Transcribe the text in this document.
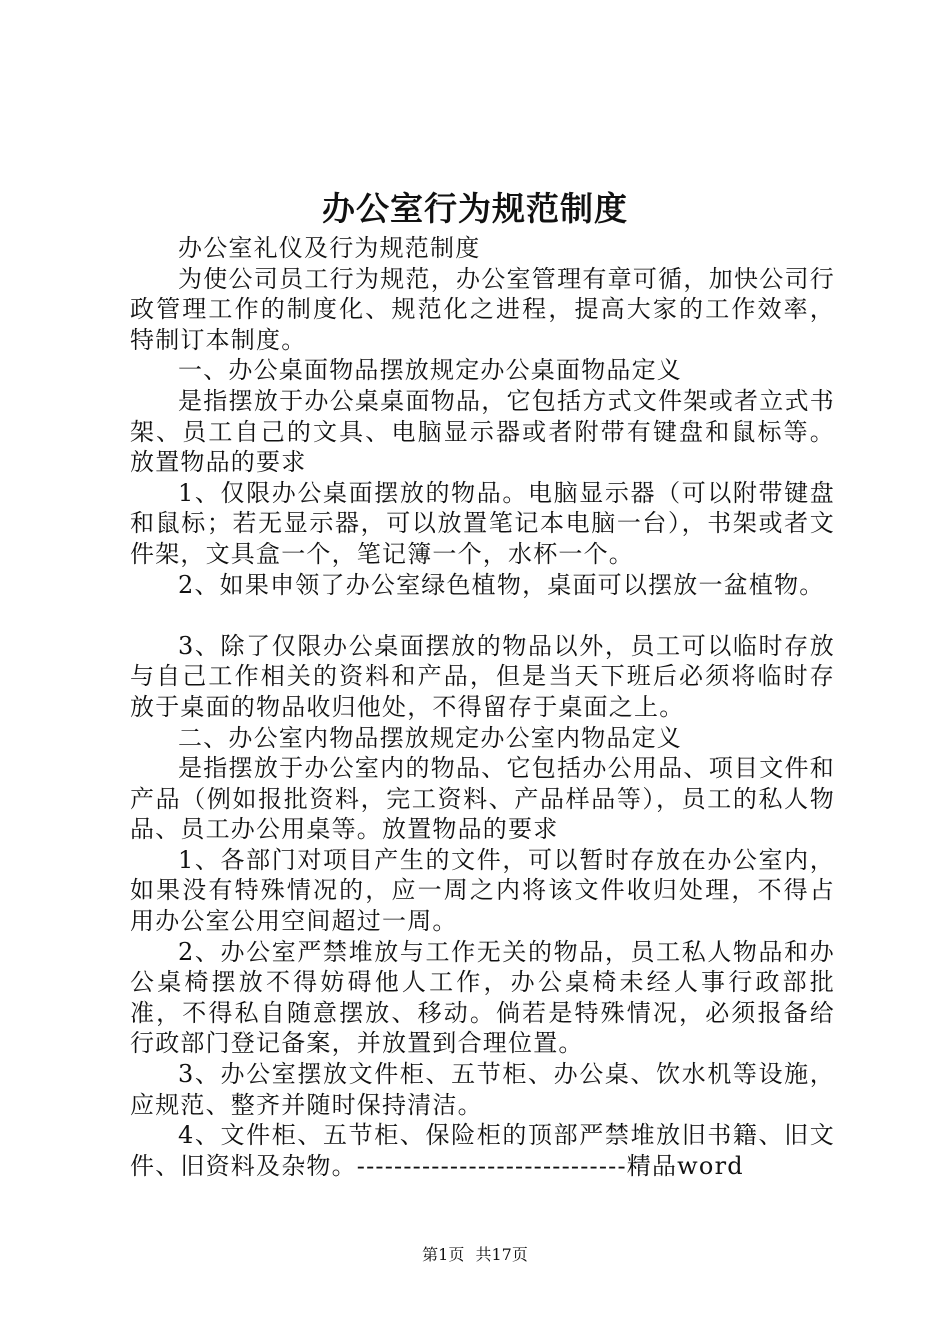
办公室行为规范制度

办公室礼仪及行为规范制度

为使公司员工行为规范，办公室管理有章可循，加快公司行政管理工作的制度化、规范化之进程，提高大家的工作效率，特制订本制度。

一、办公桌面物品摆放规定办公桌面物品定义

是指摆放于办公桌桌面物品，它包括方式文件架或者立式书架、员工自己的文具、电脑显示器或者附带有键盘和鼠标等。放置物品的要求

1、仅限办公桌面摆放的物品。电脑显示器（可以附带键盘和鼠标；若无显示器，可以放置笔记本电脑一台），书架或者文件架，文具盒一个，笔记簿一个，水杯一个。

2、如果申领了办公室绿色植物，桌面可以摆放一盆植物。

3、除了仅限办公桌面摆放的物品以外，员工可以临时存放与自己工作相关的资料和产品，但是当天下班后必须将临时存放于桌面的物品收归他处，不得留存于桌面之上。

二、办公室内物品摆放规定办公室内物品定义

是指摆放于办公室内的物品、它包括办公用品、项目文件和产品（例如报批资料，完工资料、产品样品等），员工的私人物品、员工办公用桌等。放置物品的要求

1、各部门对项目产生的文件，可以暂时存放在办公室内，如果没有特殊情况的，应一周之内将该文件收归处理，不得占用办公室公用空间超过一周。

2、办公室严禁堆放与工作无关的物品，员工私人物品和办公桌椅摆放不得妨碍他人工作，办公桌椅未经人事行政部批准，不得私自随意摆放、移动。倘若是特殊情况，必须报备给行政部门登记备案，并放置到合理位置。

3、办公室摆放文件柜、五节柜、办公桌、饮水机等设施，应规范、整齐并随时保持清洁。

4、文件柜、五节柜、保险柜的顶部严禁堆放旧书籍、旧文件、旧资料及杂物。-----------------------------精品word

第1页 共17页
